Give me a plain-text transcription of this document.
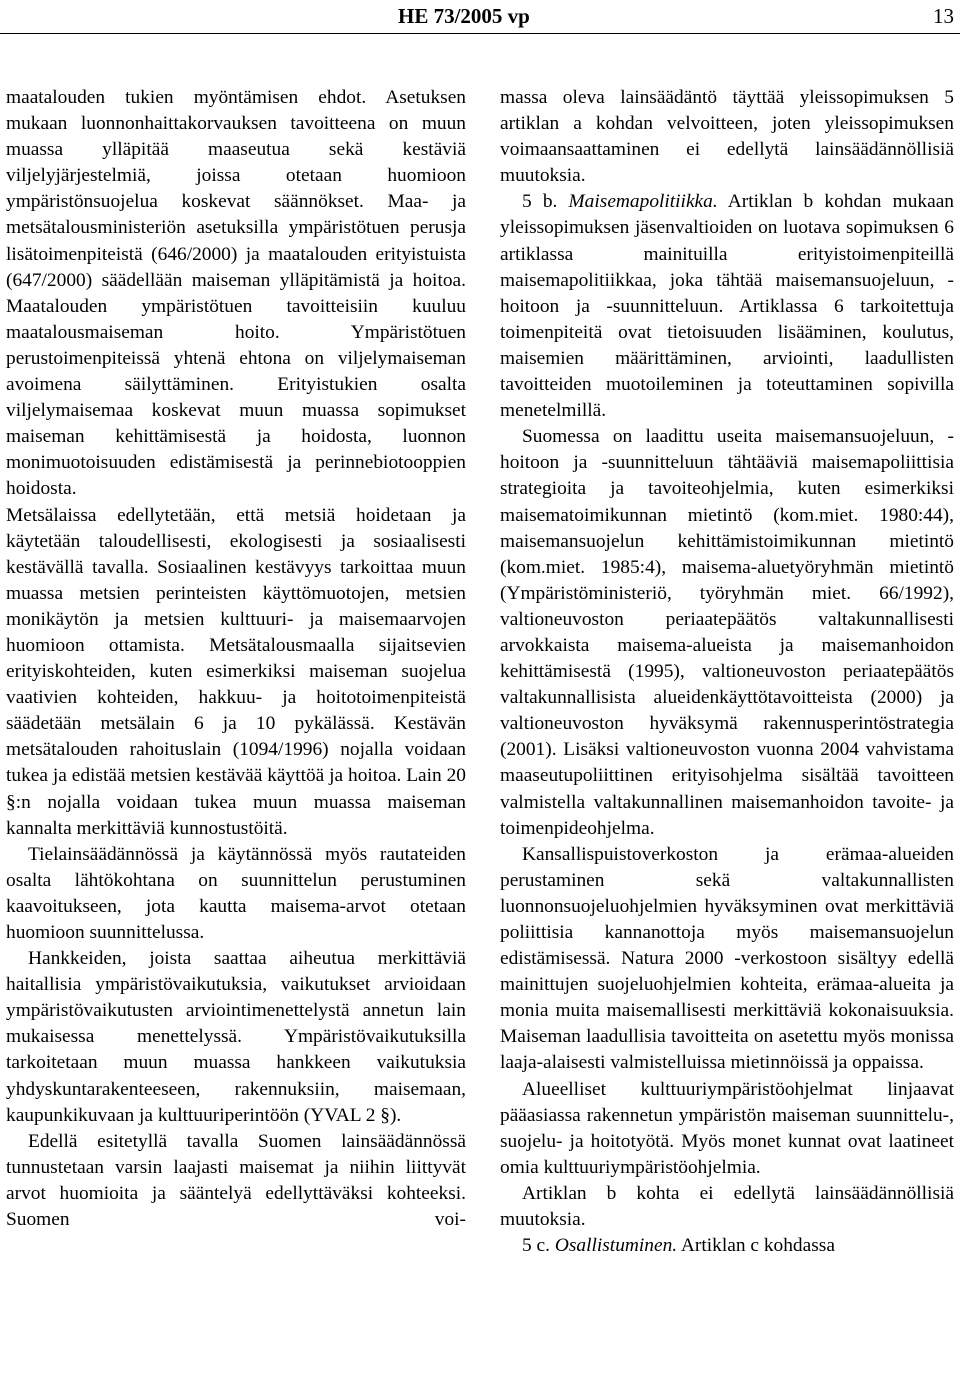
HE 73/2005 vp	13

maatalouden tukien myöntämisen ehdot. Asetuksen mukaan luonnonhaittakorvauksen tavoitteena on muun muassa ylläpitää maaseutua sekä kestäviä viljelyjärjestelmiä, joissa otetaan huomioon ympäristönsuojelua koskevat säännökset. Maa- ja metsätalousministeriön asetuksilla ympäristötuen perusja lisätoimenpiteistä (646/2000) ja maatalouden erityistuista (647/2000) säädellään maiseman ylläpitämistä ja hoitoa. Maatalouden ympäristötuen tavoitteisiin kuuluu maatalousmaiseman hoito. Ympäristötuen perustoimenpiteissä yhtenä ehtona on viljelymaiseman avoimena säilyttäminen. Erityistukien osalta viljelymaisemaa koskevat muun muassa sopimukset maiseman kehittämisestä ja hoidosta, luonnon monimuotoisuuden edistämisestä ja perinnebiotooppien hoidosta.

Metsälaissa edellytetään, että metsiä hoidetaan ja käytetään taloudellisesti, ekologisesti ja sosiaalisesti kestävällä tavalla. Sosiaalinen kestävyys tarkoittaa muun muassa metsien perinteisten käyttömuotojen, metsien monikäytön ja metsien kulttuuri- ja maisemaarvojen huomioon ottamista. Metsätalousmaalla sijaitsevien erityiskohteiden, kuten esimerkiksi maiseman suojelua vaativien kohteiden, hakkuu- ja hoitotoimenpiteistä säädetään metsälain 6 ja 10 pykälässä. Kestävän metsätalouden rahoituslain (1094/1996) nojalla voidaan tukea ja edistää metsien kestävää käyttöä ja hoitoa. Lain 20 §:n nojalla voidaan tukea muun muassa maiseman kannalta merkittäviä kunnostustöitä.

Tielainsäädännössä ja käytännössä myös rautateiden osalta lähtökohtana on suunnittelun perustuminen kaavoitukseen, jota kautta maisema-arvot otetaan huomioon suunnittelussa.

Hankkeiden, joista saattaa aiheutua merkittäviä haitallisia ympäristövaikutuksia, vaikutukset arvioidaan ympäristövaikutusten arviointimenettelystä annetun lain mukaisessa menettelyssä. Ympäristövaikutuksilla tarkoitetaan muun muassa hankkeen vaikutuksia yhdyskuntarakenteeseen, rakennuksiin, maisemaan, kaupunkikuvaan ja kulttuuriperintöön (YVAL 2 §).

Edellä esitetyllä tavalla Suomen lainsäädännössä tunnustetaan varsin laajasti maisemat ja niihin liittyvät arvot huomioita ja sääntelyä edellyttäväksi kohteeksi. Suomen voi-

massa oleva lainsäädäntö täyttää yleissopimuksen 5 artiklan a kohdan velvoitteen, joten yleissopimuksen voimaansaattaminen ei edellytä lainsäädännöllisiä muutoksia.

5 b. Maisemapolitiikka. Artiklan b kohdan mukaan yleissopimuksen jäsenvaltioiden on luotava sopimuksen 6 artiklassa mainituilla erityistoimenpiteillä maisemapolitiikkaa, joka tähtää maisemansuojeluun, -hoitoon ja -suunnitteluun. Artiklassa 6 tarkoitettuja toimenpiteitä ovat tietoisuuden lisääminen, koulutus, maisemien määrittäminen, arviointi, laadullisten tavoitteiden muotoileminen ja toteuttaminen sopivilla menetelmillä.

Suomessa on laadittu useita maisemansuojeluun, -hoitoon ja -suunnitteluun tähtääviä maisemapoliittisia strategioita ja tavoiteohjelmia, kuten esimerkiksi maisematoimikunnan mietintö (kom.miet. 1980:44), maisemansuojelun kehittämistoimikunnan mietintö (kom.miet. 1985:4), maisema-aluetyöryhmän mietintö (Ympäristöministeriö, työryhmän miet. 66/1992), valtioneuvoston periaatepäätös valtakunnallisesti arvokkaista maisema-alueista ja maisemanhoidon kehittämisestä (1995), valtioneuvoston periaatepäätös valtakunnallisista alueidenkäyttötavoitteista (2000) ja valtioneuvoston hyväksymä rakennusperintöstrategia (2001). Lisäksi valtioneuvoston vuonna 2004 vahvistama maaseutupoliittinen erityisohjelma sisältää tavoitteen valmistella valtakunnallinen maisemanhoidon tavoite- ja toimenpideohjelma.

Kansallispuistoverkoston ja erämaa-alueiden perustaminen sekä valtakunnallisten luonnonsuojeluohjelmien hyväksyminen ovat merkittäviä poliittisia kannanottoja myös maisemansuojelun edistämisessä. Natura 2000 -verkostoon sisältyy edellä mainittujen suojeluohjelmien kohteita, erämaa-alueita ja monia muita maisemallisesti merkittäviä kokonaisuuksia. Maiseman laadullisia tavoitteita on asetettu myös monissa laaja-alaisesti valmistelluissa mietinnöissä ja oppaissa.

Alueelliset kulttuuriympäristöohjelmat linjaavat pääasiassa rakennetun ympäristön maiseman suunnittelu-, suojelu- ja hoitotyötä. Myös monet kunnat ovat laatineet omia kulttuuriympäristöohjelmia.

Artiklan b kohta ei edellytä lainsäädännöllisiä muutoksia.

5 c. Osallistuminen. Artiklan c kohdassa
